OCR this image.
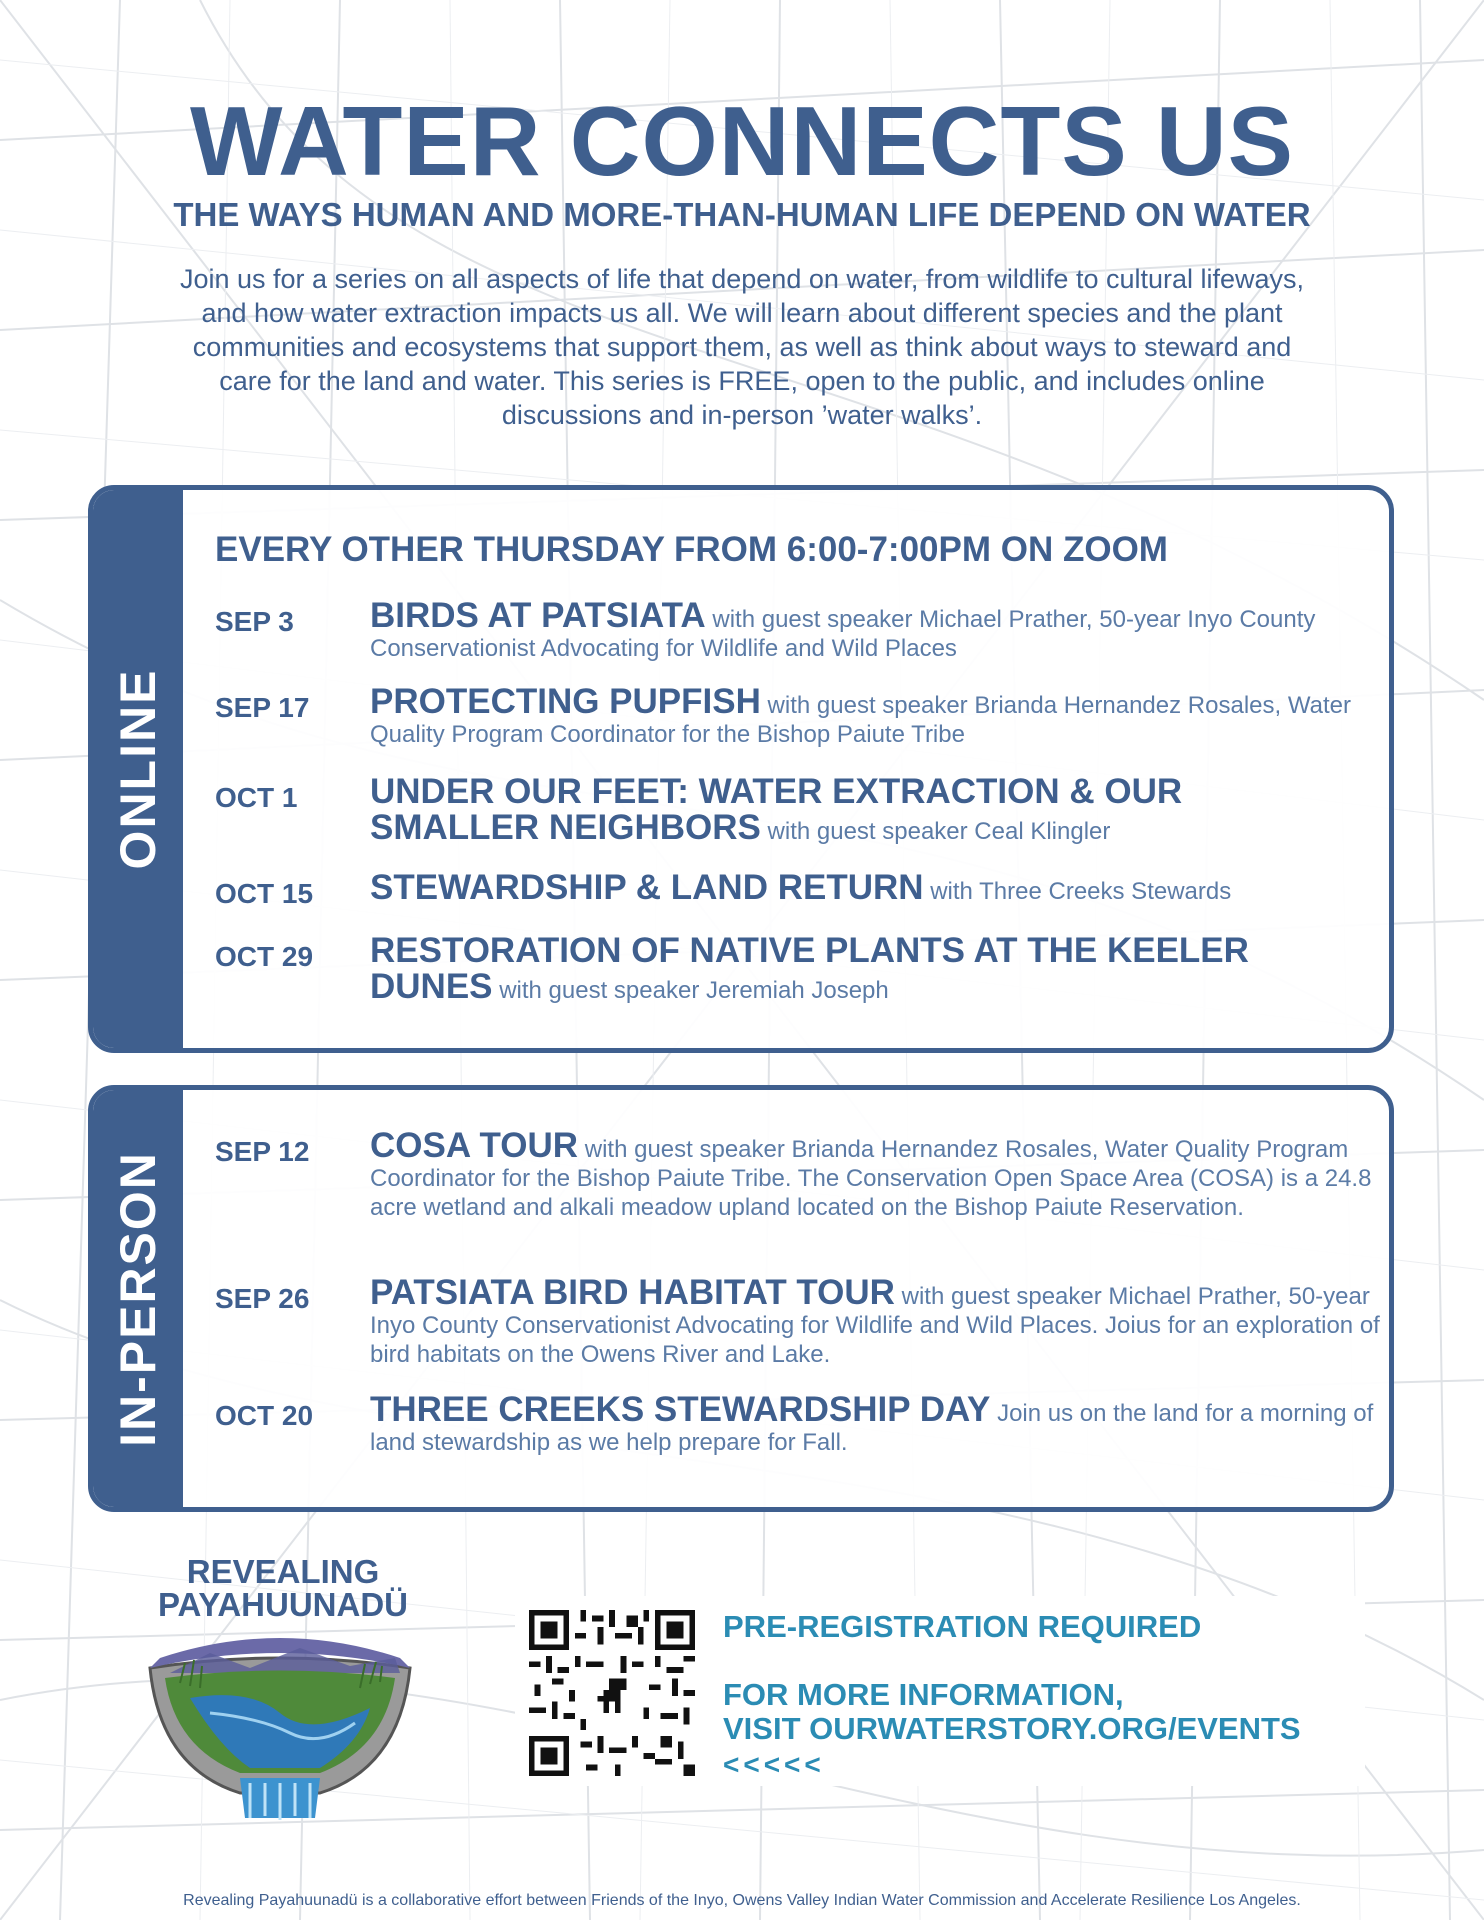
WATER CONNECTS US
THE WAYS HUMAN AND MORE-THAN-HUMAN LIFE DEPEND ON WATER
Join us for a series on all aspects of life that depend on water, from wildlife to cultural lifeways, and how water extraction impacts us all. We will learn about different species and the plant communities and ecosystems that support them, as well as think about ways to steward and care for the land and water. This series is FREE, open to the public, and includes online discussions and in-person ’water walks’.
ONLINE
EVERY OTHER THURSDAY FROM 6:00-7:00PM ON ZOOM
SEP 3	BIRDS AT PATSIATA with guest speaker Michael Prather, 50-year Inyo County Conservationist Advocating for Wildlife and Wild Places
SEP 17	PROTECTING PUPFISH with guest speaker Brianda Hernandez Rosales, Water Quality Program Coordinator for the Bishop Paiute Tribe
OCT 1	UNDER OUR FEET: WATER EXTRACTION & OUR SMALLER NEIGHBORS with guest speaker Ceal Klingler
OCT 15	STEWARDSHIP & LAND RETURN with Three Creeks Stewards
OCT 29	RESTORATION OF NATIVE PLANTS AT THE KEELER DUNES with guest speaker Jeremiah Joseph
IN-PERSON SEP 12	COSA TOUR with guest speaker Brianda Hernandez Rosales, Water Quality Program Coordinator for the Bishop Paiute Tribe. The Conservation Open Space Area (COSA) is a 24.8 acre wetland and alkali meadow upland located on the Bishop Paiute Reservation.
SEP 26	PATSIATA BIRD HABITAT TOUR with guest speaker Michael Prather, 50-year Inyo County Conservationist Advocating for Wildlife and Wild Places. Joius for an exploration of bird habitats on the Owens River and Lake.
OCT 20	THREE CREEKS STEWARDSHIP DAY Join us on the land for a morning of land stewardship as we help prepare for Fall.
REVEALING
PAYAHUUNADÜ
PRE-REGISTRATION REQUIRED
FOR MORE INFORMATION,
VISIT OURWATERSTORY.ORG/EVENTS
<<<<<
Revealing Payahuunadü is a collaborative effort between Friends of the Inyo, Owens Valley Indian Water Commission and Accelerate Resilience Los Angeles.
